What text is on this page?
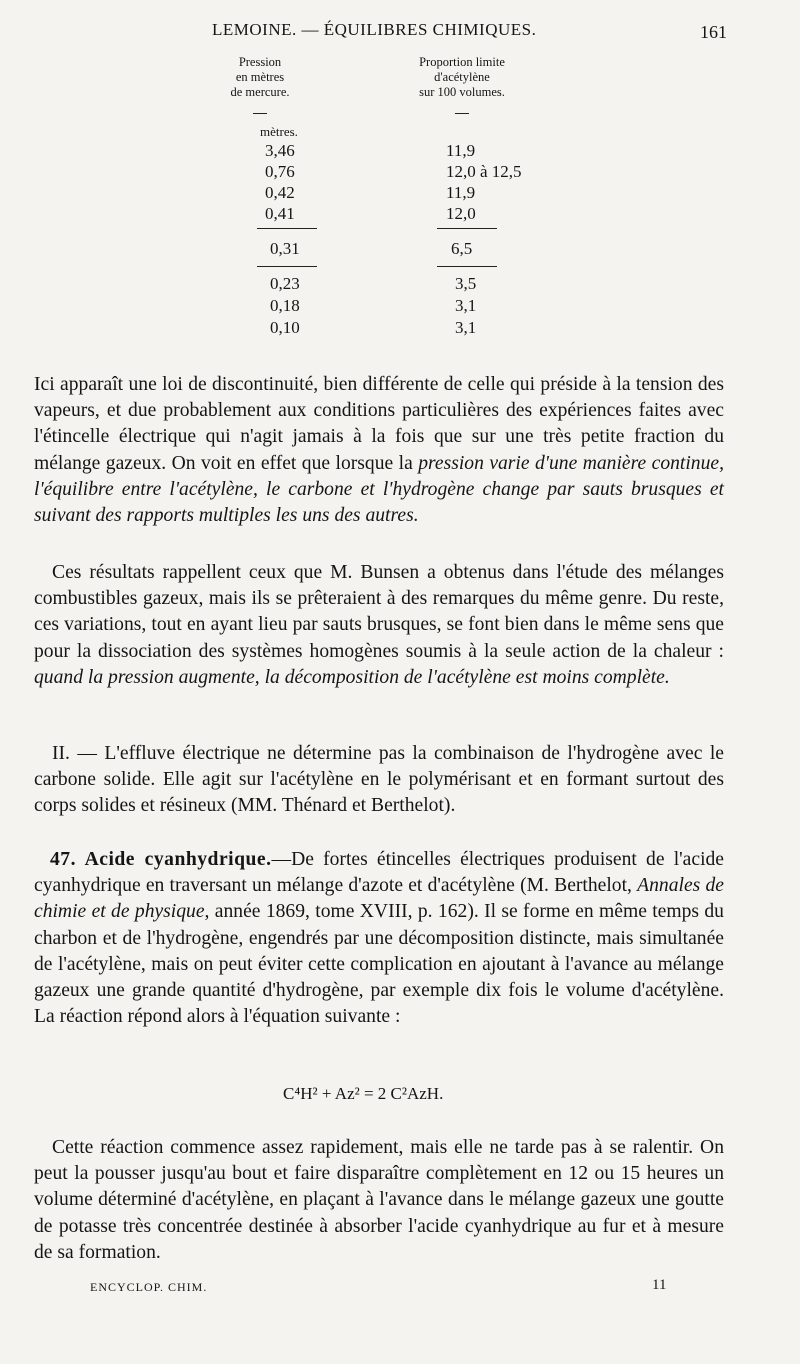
LEMOINE. — ÉQUILIBRES CHIMIQUES.	161
Pression
en mètres
de mercure.
Proportion limite
d'acétylène
sur 100 volumes.
mètres.
3,46	11,9
0,76	12,0 à 12,5
0,42	11,9
0,41	12,0
0,31	6,5
0,23	3,5
0,18	3,1
0,10	3,1
Ici apparaît une loi de discontinuité, bien différente de celle qui préside à la tension des vapeurs, et due probablement aux conditions particulières des expériences faites avec l'étincelle électrique qui n'agit jamais à la fois que sur une très petite fraction du mélange gazeux. On voit en effet que lorsque la pression varie d'une manière continue, l'équilibre entre l'acétylène, le carbone et l'hydrogène change par sauts brusques et suivant des rapports multiples les uns des autres.
Ces résultats rappellent ceux que M. Bunsen a obtenus dans l'étude des mélanges combustibles gazeux, mais ils se prêteraient à des remarques du même genre. Du reste, ces variations, tout en ayant lieu par sauts brusques, se font bien dans le même sens que pour la dissociation des systèmes homogènes soumis à la seule action de la chaleur : quand la pression augmente, la décomposition de l'acétylène est moins complète.
II. — L'effluve électrique ne détermine pas la combinaison de l'hydrogène avec le carbone solide. Elle agit sur l'acétylène en le polymérisant et en formant surtout des corps solides et résineux (MM. Thénard et Berthelot).
47. Acide cyanhydrique.—De fortes étincelles électriques produisent de l'acide cyanhydrique en traversant un mélange d'azote et d'acétylène (M. Berthelot, Annales de chimie et de physique, année 1869, tome XVIII, p. 162). Il se forme en même temps du charbon et de l'hydrogène, engendrés par une décomposition distincte, mais simultanée de l'acétylène, mais on peut éviter cette complication en ajoutant à l'avance au mélange gazeux une grande quantité d'hydrogène, par exemple dix fois le volume d'acétylène. La réaction répond alors à l'équation suivante :
C⁴H² + Az² = 2 C²AzH.
Cette réaction commence assez rapidement, mais elle ne tarde pas à se ralentir. On peut la pousser jusqu'au bout et faire disparaître complètement en 12 ou 15 heures un volume déterminé d'acétylène, en plaçant à l'avance dans le mélange gazeux une goutte de potasse très concentrée destinée à absorber l'acide cyanhydrique au fur et à mesure de sa formation.
ENCYCLOP. CHIM.	11
